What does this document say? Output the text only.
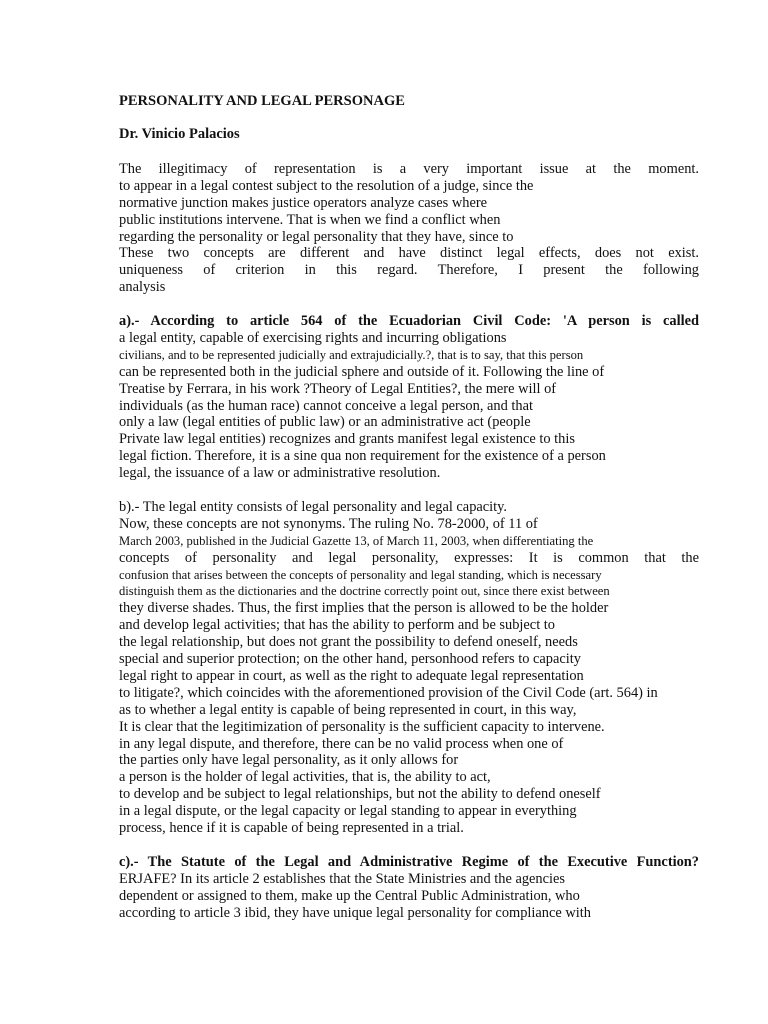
PERSONALITY AND LEGAL PERSONAGE

Dr. Vinicio Palacios

The illegitimacy of representation is a very important issue at the moment.
to appear in a legal contest subject to the resolution of a judge, since the
normative junction makes justice operators analyze cases where
public institutions intervene. That is when we find a conflict when
regarding the personality or legal personality that they have, since to
These two concepts are different and have distinct legal effects, does not exist.
uniqueness of criterion in this regard. Therefore, I present the following
analysis
a).- According to article 564 of the Ecuadorian Civil Code: 'A person is called
a legal entity, capable of exercising rights and incurring obligations
civilians, and to be represented judicially and extrajudicially.?, that is to say, that this person
can be represented both in the judicial sphere and outside of it. Following the line of
Treatise by Ferrara, in his work ?Theory of Legal Entities?, the mere will of
individuals (as the human race) cannot conceive a legal person, and that
only a law (legal entities of public law) or an administrative act (people
Private law legal entities) recognizes and grants manifest legal existence to this
legal fiction. Therefore, it is a sine qua non requirement for the existence of a person
legal, the issuance of a law or administrative resolution.
b).- The legal entity consists of legal personality and legal capacity.
Now, these concepts are not synonyms. The ruling No. 78-2000, of 11 of
March 2003, published in the Judicial Gazette 13, of March 11, 2003, when differentiating the
concepts of personality and legal personality, expresses: It is common that the
confusion that arises between the concepts of personality and legal standing, which is necessary
distinguish them as the dictionaries and the doctrine correctly point out, since there exist between
they diverse shades. Thus, the first implies that the person is allowed to be the holder
and develop legal activities; that has the ability to perform and be subject to
the legal relationship, but does not grant the possibility to defend oneself, needs
special and superior protection; on the other hand, personhood refers to capacity
legal right to appear in court, as well as the right to adequate legal representation
to litigate?, which coincides with the aforementioned provision of the Civil Code (art. 564) in
as to whether a legal entity is capable of being represented in court, in this way,
It is clear that the legitimization of personality is the sufficient capacity to intervene.
in any legal dispute, and therefore, there can be no valid process when one of
the parties only have legal personality, as it only allows for
a person is the holder of legal activities, that is, the ability to act,
to develop and be subject to legal relationships, but not the ability to defend oneself
in a legal dispute, or the legal capacity or legal standing to appear in everything
process, hence if it is capable of being represented in a trial.
c).- The Statute of the Legal and Administrative Regime of the Executive Function?
ERJAFE? In its article 2 establishes that the State Ministries and the agencies
dependent or assigned to them, make up the Central Public Administration, who
according to article 3 ibid, they have unique legal personality for compliance with
